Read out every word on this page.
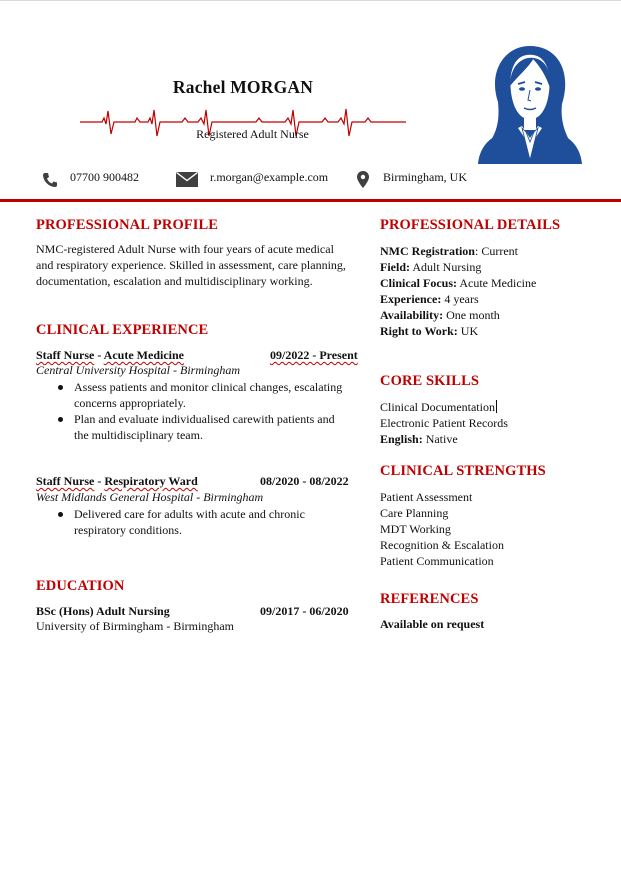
Rachel MORGAN
Registered Adult Nurse
07700 900482	r.morgan@example.com	Birmingham, UK
PROFESSIONAL PROFILE
NMC-registered Adult Nurse with four years of acute medical
and respiratory experience. Skilled in assessment, care planning,
documentation, escalation and multidisciplinary working.
CLINICAL EXPERIENCE
Staff Nurse - Acute Medicine	09/2022 - Present
Central University Hospital - Birmingham
Assess patients and monitor clinical changes, escalating
concerns appropriately.
Plan and evaluate individualised carewith patients and
the multidisciplinary team.
Staff Nurse - Respiratory Ward	08/2020 - 08/2022
West Midlands General Hospital - Birmingham
Delivered care for adults with acute and chronic
respiratory conditions.
EDUCATION
BSc (Hons) Adult Nursing	09/2017 - 06/2020
University of Birmingham - Birmingham
PROFESSIONAL DETAILS
NMC Registration: Current
Field: Adult Nursing
Clinical Focus: Acute Medicine
Experience: 4 years
Availability: One month
Right to Work: UK
CORE SKILLS
Clinical Documentation
Electronic Patient Records
English: Native
CLINICAL STRENGTHS
Patient Assessment
Care Planning
MDT Working
Recognition & Escalation
Patient Communication
REFERENCES
Available on request
